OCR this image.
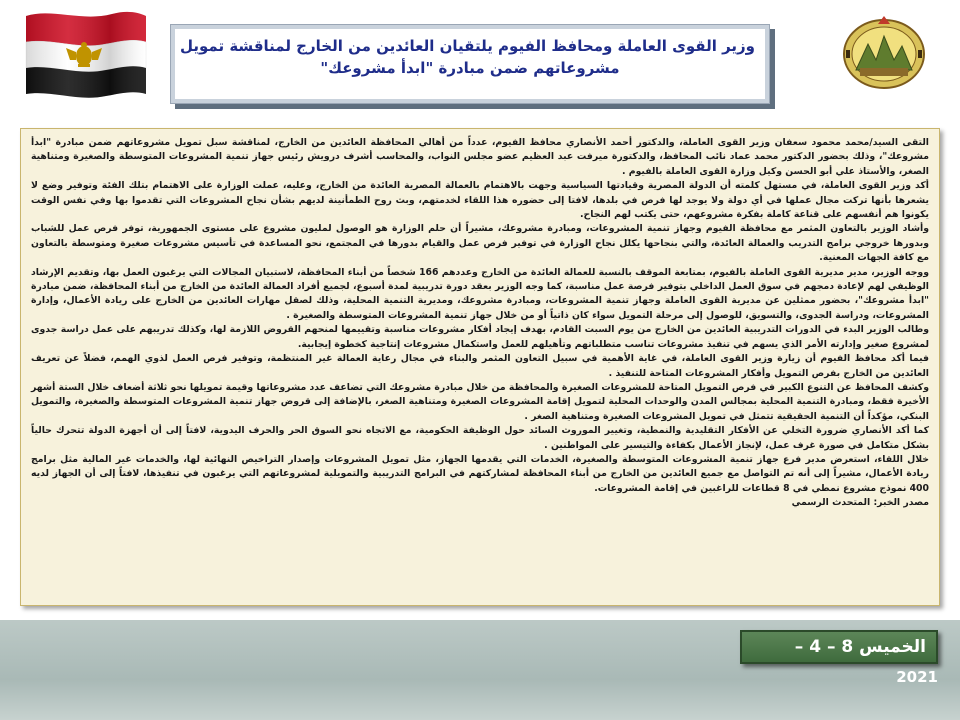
وزير القوى العاملة ومحافظ الفيوم يلتقيان العائدين من الخارج لمناقشة تمويل
مشروعاتهم ضمن مبادرة "ابدأ مشروعك"

التقى السيد/محمد محمود سعفان وزير القوى العاملة، والدكتور أحمد الأنصاري محافظ الفيوم، عدداً من أهالي المحافظة العائدين من الخارج، لمناقشة سبل تمويل مشروعاتهم ضمن مبادرة "ابدأ مشروعك"، وذلك بحضور الدكتور محمد عماد نائب المحافظ، والدكتورة ميرفت عبد العظيم عضو مجلس النواب، والمحاسب أشرف درويش رئيس جهاز تنمية المشروعات المتوسطة والصغيرة ومتناهية الصغر، والأستاذ علي أبو الحسن وكيل وزارة القوى العاملة بالفيوم .

أكد وزير القوى العاملة، في مستهل كلمته أن الدولة المصرية وقيادتها السياسية وجهت بالاهتمام بالعمالة المصرية العائدة من الخارج، وعليه، عملت الوزارة على الاهتمام بتلك الفئة وتوفير وضع لا يشعرها بأنها تركت مجال عملها في أي دولة ولا يوجد لها فرص في بلدها، لافتا إلى حضوره هذا اللقاء لخدمتهم، وبث روح الطمأنينة لديهم بشأن نجاح المشروعات التي تقدموا بها وفي نفس الوقت يكونوا هم أنفسهم على قناعة كاملة بفكرة مشروعهم، حتى يكتب لهم النجاح.

وأشاد الوزير بالتعاون المثمر مع محافظة الفيوم وجهاز تنمية المشروعات، ومبادرة مشروعك، مشيراً أن حلم الوزارة هو الوصول لمليون مشروع على مستوى الجمهورية، توفر فرص عمل للشباب وبدورها خروجي برامج التدريب والعمالة العائدة، والتي بنجاحها يكلل نجاح الوزارة في توفير فرص عمل والقيام بدورها في المجتمع، نحو المساعدة في تأسيس مشروعات صغيرة ومتوسطة بالتعاون مع كافة الجهات المعنية.

ووجه الوزير، مدير مديرية القوى العاملة بالفيوم، بمتابعة الموقف بالنسبة للعمالة العائدة من الخارج وعددهم 166 شخصاً من أبناء المحافظة، لاستبيان المجالات التي يرغبون العمل بها، وتقديم الإرشاد الوظيفي لهم لإعادة دمجهم في سوق العمل الداخلي بتوفير فرصة عمل مناسبة، كما وجه الوزير بعقد دورة تدريبية لمدة أسبوع، لجميع أفراد العمالة العائدة من الخارج من أبناء المحافظة، ضمن مبادرة "ابدأ مشروعك"، بحضور ممثلين عن مديرية القوى العاملة وجهاز تنمية المشروعات، ومبادرة مشروعك، ومديرية التنمية المحلية، وذلك لصقل مهارات العائدين من الخارج على ريادة الأعمال، وإدارة المشروعات، ودراسة الجدوى، والتسويق، للوصول إلى مرحلة التمويل سواء كان ذاتياً أو من خلال جهاز تنمية المشروعات المتوسطة والصغيرة .

وطالب الوزير البدء في الدورات التدريبية العائدين من الخارج من يوم السبت القادم، بهدف إيجاد أفكار مشروعات مناسبة وتقييمها لمنحهم القروض اللازمة لها، وكذلك تدريبهم على عمل دراسة جدوى لمشروع صغير وإدارته الأمر الذي يسهم في تنفيذ مشروعات تناسب متطلباتهم وتأهيلهم للعمل واستكمال مشروعات إنتاجية كخطوة إيجابية.

فيما أكد محافظ الفيوم أن زيارة وزير القوى العاملة، في غاية الأهمية في سبيل التعاون المثمر والبناء في مجال رعاية العمالة غير المنتظمة، وتوفير فرص العمل لذوي الهمم، فضلاً عن تعريف العائدين من الخارج بفرص التمويل وأفكار المشروعات المتاحة للتنفيذ .

وكشف المحافظ عن التنوع الكبير في فرص التمويل المتاحة للمشروعات الصغيرة والمحافظة من خلال مبادرة مشروعك التي تضاعف عدد مشروعاتها وقيمة تمويلها نحو ثلاثة أضعاف خلال الستة أشهر الأخيرة فقط، ومبادرة التنمية المحلية بمجالس المدن والوحدات المحلية لتمويل إقامة المشروعات الصغيرة ومتناهية الصغر، بالإضافة إلى قروض جهاز تنمية المشروعات المتوسطة والصغيرة، والتمويل البنكي، مؤكداً أن التنمية الحقيقية تتمثل في تمويل المشروعات الصغيرة ومتناهية الصغر .

كما أكد الأنصاري ضرورة التخلي عن الأفكار التقليدية والنمطية، وتغيير الموروث السائد حول الوظيفة الحكومية، مع الاتجاه نحو السوق الحر والحرف اليدوية، لافتاً إلى أن أجهزة الدولة تتحرك حالياً بشكل متكامل في صورة غرف عمل، لإنجاز الأعمال بكفاءة والتيسير على المواطنين .

خلال اللقاء، استعرض مدير فرع جهاز تنمية المشروعات المتوسطة والصغيرة، الخدمات التي يقدمها الجهاز، مثل تمويل المشروعات وإصدار التراخيص النهائية لها، والخدمات غير المالية مثل برامج ريادة الأعمال، مشيراً إلى أنه تم التواصل مع جميع العائدين من الخارج من أبناء المحافظة لمشاركتهم في البرامج التدريبية والتمويلية لمشروعاتهم التي يرغبون في تنفيذها، لافتاً إلى أن الجهاز لديه 400 نموذج مشروع نمطي في 8 قطاعات للراغبين في إقامة المشروعات.

مصدر الخبر: المتحدث الرسمي

الخميس 8 – 4 –
2021
